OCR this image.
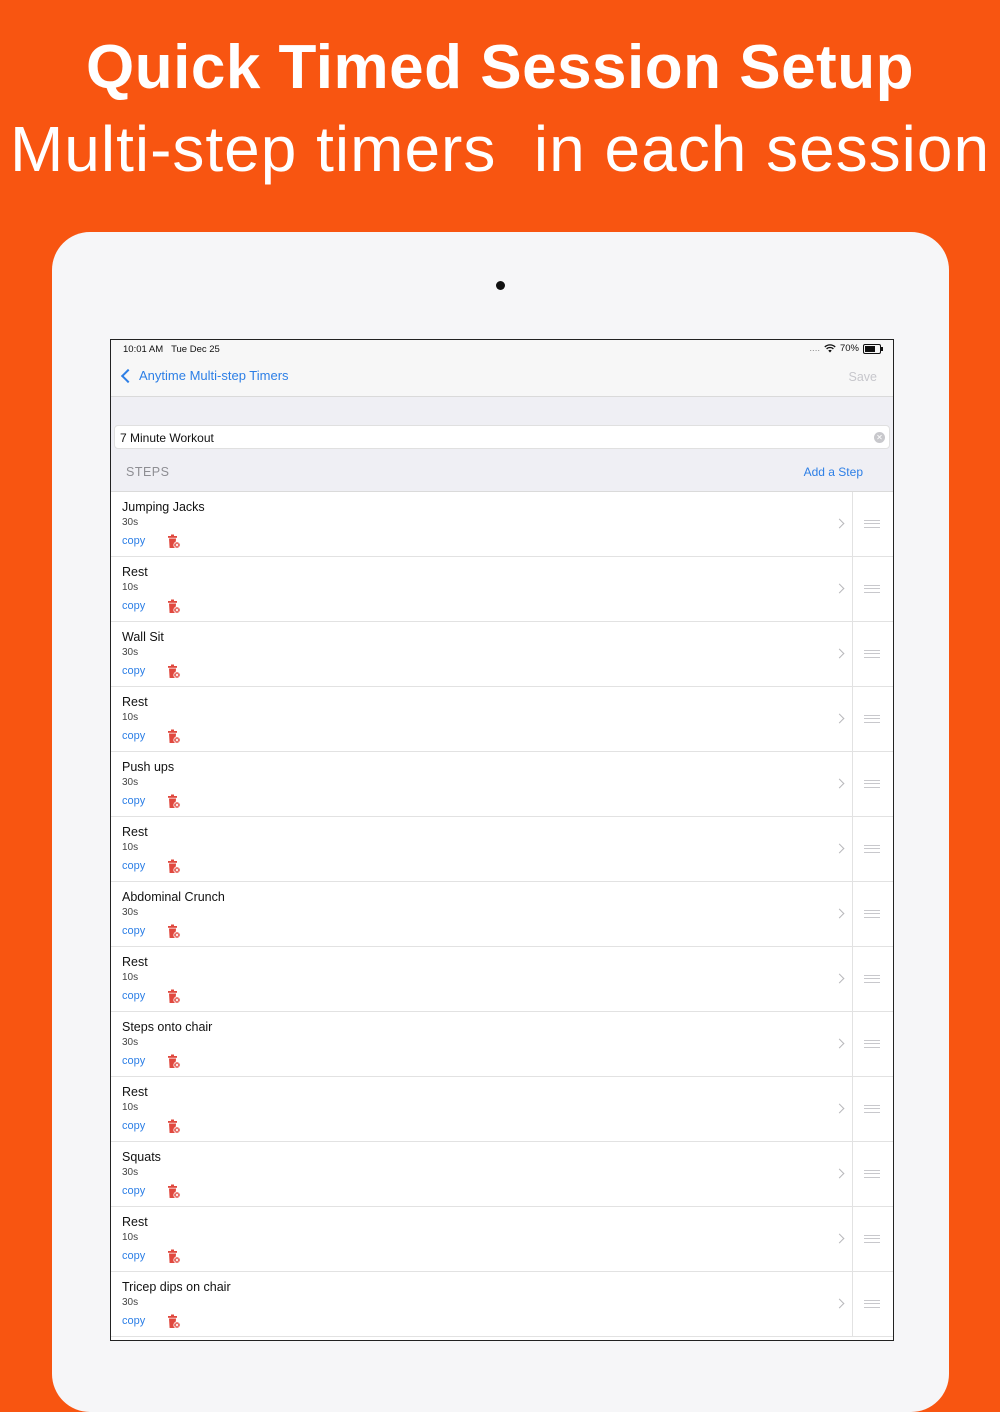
Quick Timed Session Setup
Multi-step timers  in each session
10:01 AM Tue Dec 25	.... 70%
Anytime Multi-step Timers	Save
7 Minute Workout	✕
STEPS	Add a Step
Jumping Jacks
30s
copy
Rest
10s
copy
Wall Sit
30s
copy
Rest
10s
copy
Push ups
30s
copy
Rest
10s
copy
Abdominal Crunch
30s
copy
Rest
10s
copy
Steps onto chair
30s
copy
Rest
10s
copy
Squats
30s
copy
Rest
10s
copy
Tricep dips on chair
30s
copy
